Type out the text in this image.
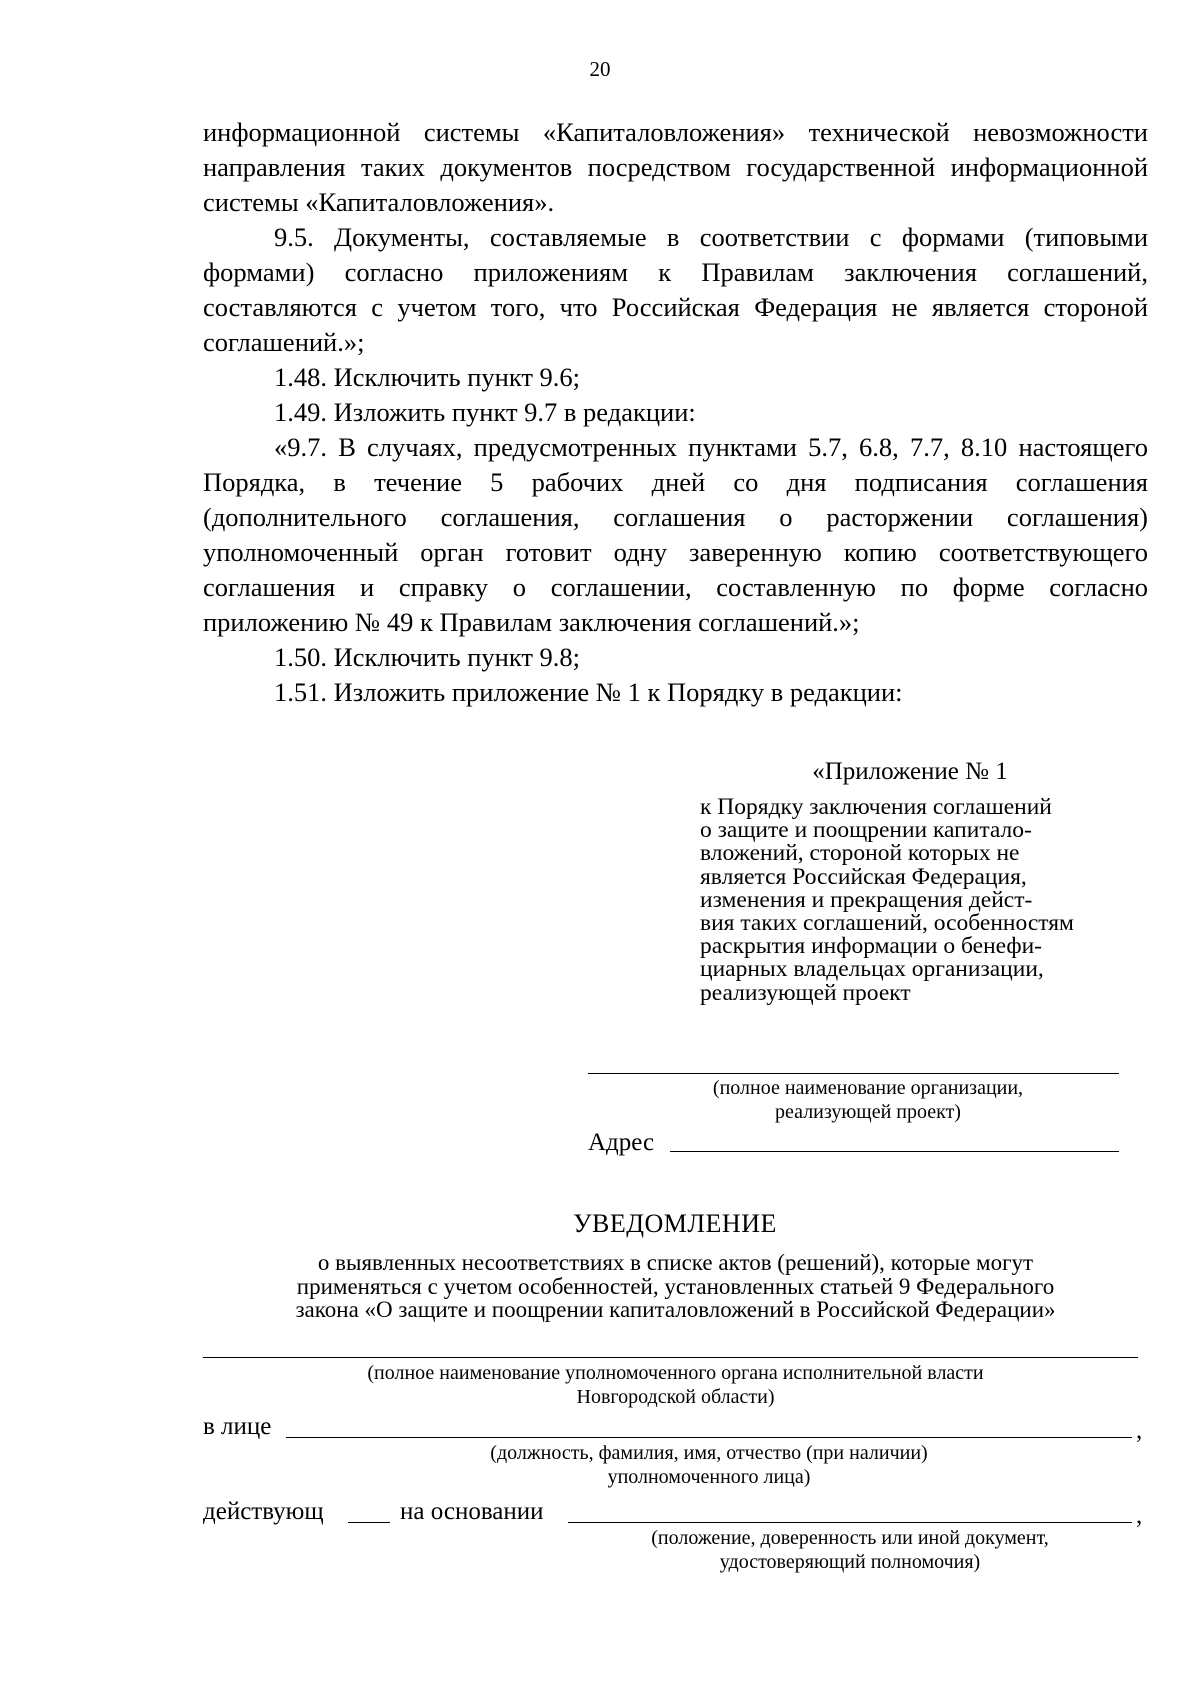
20

информационной системы «Капиталовложения» технической невозможности направления таких документов посредством государственной информационной системы «Капиталовложения».

9.5. Документы, составляемые в соответствии с формами (типовыми формами) согласно приложениям к Правилам заключения соглашений, составляются с учетом того, что Российская Федерация не является стороной соглашений.»;

1.48. Исключить пункт 9.6;

1.49. Изложить пункт 9.7 в редакции:

«9.7. В случаях, предусмотренных пунктами 5.7, 6.8, 7.7, 8.10 настоящего Порядка, в течение 5 рабочих дней со дня подписания соглашения (дополнительного соглашения, соглашения о расторжении соглашения) уполномоченный орган готовит одну заверенную копию соответствующего соглашения и справку о соглашении, составленную по форме согласно приложению № 49 к Правилам заключения соглашений.»;

1.50. Исключить пункт 9.8;

1.51. Изложить приложение № 1 к Порядку в редакции:

«Приложение № 1
к Порядку заключения соглашений
о защите и поощрении капитало-
вложений, стороной которых не
является Российская Федерация,
изменения и прекращения дейст-
вия таких соглашений, особенностям
раскрытия информации о бенефи-
циарных владельцах организации,
реализующей проект
(полное наименование организации,
реализующей проект)
Адрес
УВЕДОМЛЕНИЕ
о выявленных несоответствиях в списке актов (решений), которые могут
применяться с учетом особенностей, установленных статьей 9 Федерального
закона «О защите и поощрении капиталовложений в Российской Федерации»
(полное наименование уполномоченного органа исполнительной власти
Новгородской области)
в лице	,
(должность, фамилия, имя, отчество (при наличии)
уполномоченного лица)
действующ	на основании	,
(положение, доверенность или иной документ,
удостоверяющий полномочия)
